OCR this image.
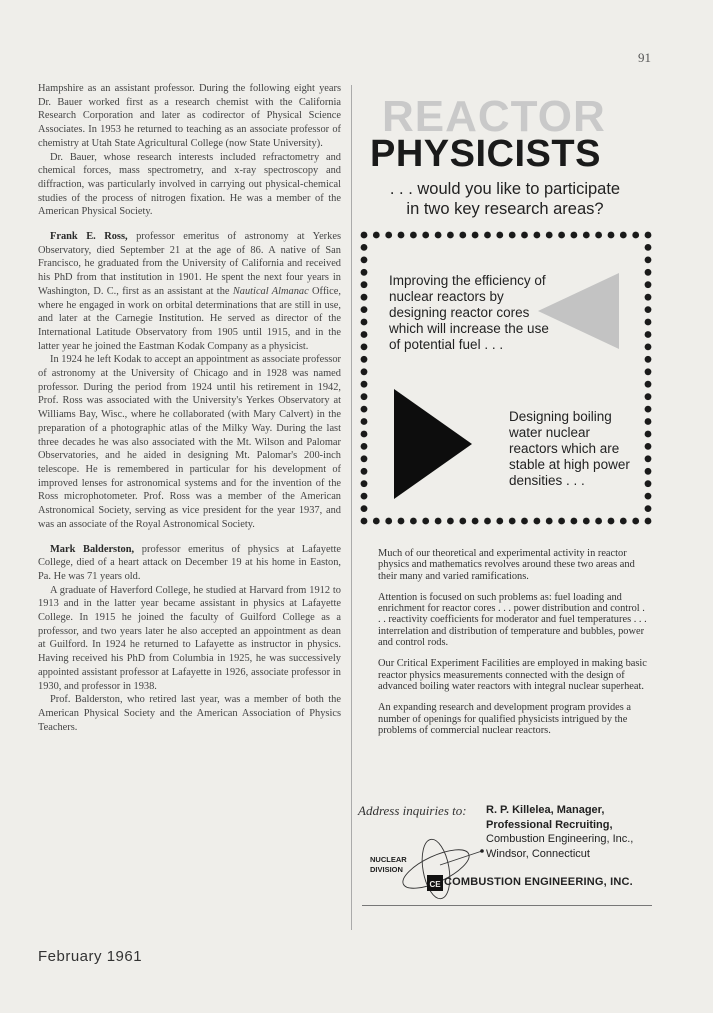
91

Hampshire as an assistant professor. During the following eight years Dr. Bauer worked first as a research chemist with the California Research Corporation and later as codirector of Physical Science Associates. In 1953 he returned to teaching as an associate professor of chemistry at Utah State Agricultural College (now State University).

Dr. Bauer, whose research interests included refractometry and chemical forces, mass spectrometry, and x-ray spectroscopy and diffraction, was particularly involved in carrying out physical-chemical studies of the process of nitrogen fixation. He was a member of the American Physical Society.

Frank E. Ross, professor emeritus of astronomy at Yerkes Observatory, died September 21 at the age of 86. A native of San Francisco, he graduated from the University of California and received his PhD from that institution in 1901. He spent the next four years in Washington, D. C., first as an assistant at the Nautical Almanac Office, where he engaged in work on orbital determinations that are still in use, and later at the Carnegie Institution. He served as director of the International Latitude Observatory from 1905 until 1915, and in the latter year he joined the Eastman Kodak Company as a physicist.

In 1924 he left Kodak to accept an appointment as associate professor of astronomy at the University of Chicago and in 1928 was named professor. During the period from 1924 until his retirement in 1942, Prof. Ross was associated with the University's Yerkes Observatory at Williams Bay, Wisc., where he collaborated (with Mary Calvert) in the preparation of a photographic atlas of the Milky Way. During the last three decades he was also associated with the Mt. Wilson and Palomar Observatories, and he aided in designing Mt. Palomar's 200-inch telescope. He is remembered in particular for his development of improved lenses for astronomical systems and for the invention of the Ross microphotometer. Prof. Ross was a member of the American Astronomical Society, serving as vice president for the year 1937, and was an associate of the Royal Astronomical Society.

Mark Balderston, professor emeritus of physics at Lafayette College, died of a heart attack on December 19 at his home in Easton, Pa. He was 71 years old.

A graduate of Haverford College, he studied at Harvard from 1912 to 1913 and in the latter year became assistant in physics at Lafayette College. In 1915 he joined the faculty of Guilford College as a professor, and two years later he also accepted an appointment as dean at Guilford. In 1924 he returned to Lafayette as instructor in physics. Having received his PhD from Columbia in 1925, he was successively appointed assistant professor at Lafayette in 1926, associate professor in 1930, and professor in 1938.

Prof. Balderston, who retired last year, was a member of both the American Physical Society and the American Association of Physics Teachers.

REACTOR
PHYSICISTS
. . . would you like to participate
in two key research areas?
Improving the efficiency of nuclear reactors by designing reactor cores which will increase the use of potential fuel . . .
Designing boiling water nuclear reactors which are stable at high power densities . . .

Much of our theoretical and experimental activity in reactor physics and mathematics revolves around these two areas and their many and varied ramifications.

Attention is focused on such problems as: fuel loading and enrichment for reactor cores . . . power distribution and control . . . reactivity coefficients for moderator and fuel temperatures . . . interrelation and distribution of temperature and bubbles, power and control rods.

Our Critical Experiment Facilities are employed in making basic reactor physics measurements connected with the design of advanced boiling water reactors with integral nuclear superheat.

An expanding research and development program provides a number of openings for qualified physicists intrigued by the problems of commercial nuclear reactors.

Address inquiries to: R. P. Killelea, Manager,
Professional Recruiting,
Combustion Engineering, Inc.,
Windsor, Connecticut
CE
NUCLEAR
DIVISION
COMBUSTION ENGINEERING, INC.
February 1961
